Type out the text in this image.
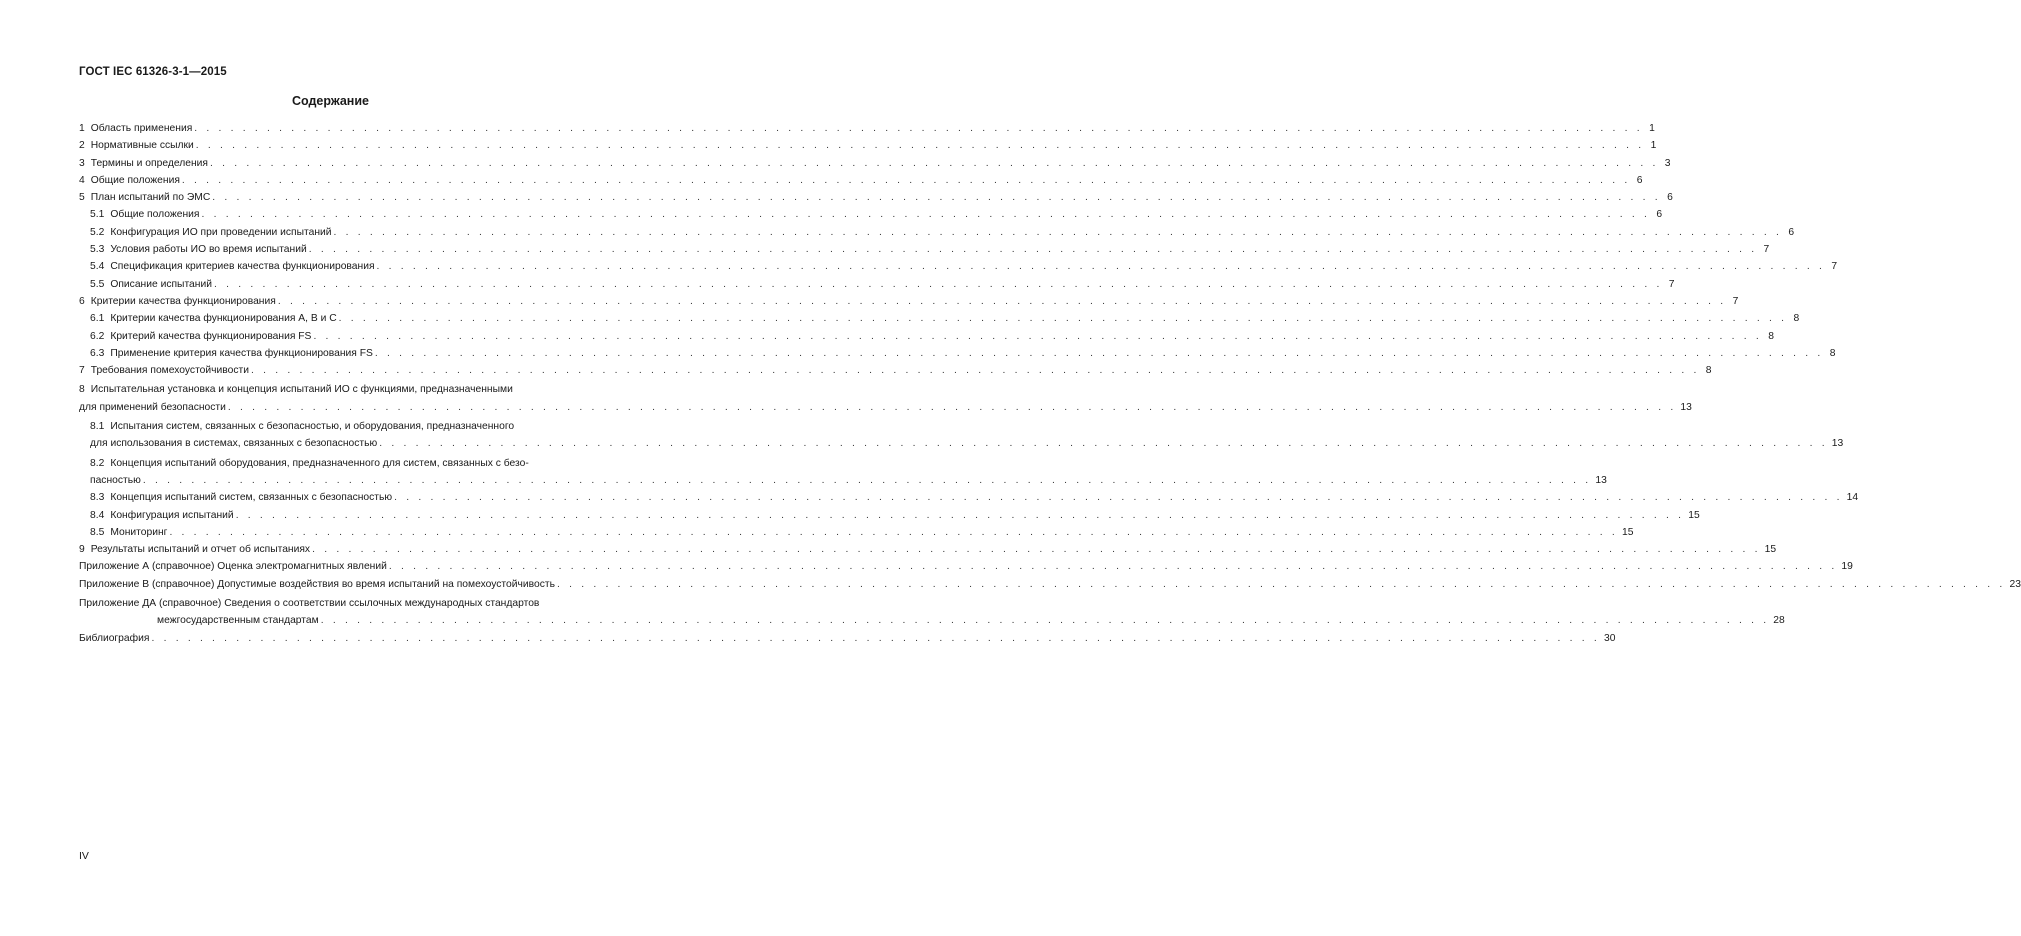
ГОСТ IEC 61326-3-1—2015
Содержание
1 Область применения . . . . . . . . . . . . . . . . . . . . . . . . . . . . . . . . . . . . . . . . . . . . . . . . . . . . . . . . . . . . . . . . . . . . . . . . . . . . . . . . . . . . . . . . . . . . . . . . . . . . . . . . . . . . . . . . . . . . . . . . 1
2 Нормативные ссылки . . . . . . . . . . . . . . . . . . . . . . . . . . . . . . . . . . . . . . . . . . . . . . . . . . . . . . . . . . . . . . . . . . . . . . . . . . . . . . . . . . . . . . . . . . . . . . . . . . . . . . . . . . . . . . . . . . . . . . . . 1
3 Термины и определения . . . . . . . . . . . . . . . . . . . . . . . . . . . . . . . . . . . . . . . . . . . . . . . . . . . . . . . . . . . . . . . . . . . . . . . . . . . . . . . . . . . . . . . . . . . . . . . . . . . . . . . . . . . . . . . . . . . . . . . . 3
4 Общие положения . . . . . . . . . . . . . . . . . . . . . . . . . . . . . . . . . . . . . . . . . . . . . . . . . . . . . . . . . . . . . . . . . . . . . . . . . . . . . . . . . . . . . . . . . . . . . . . . . . . . . . . . . . . . . . . . . . . . . . . . 6
5 План испытаний по ЭМС . . . . . . . . . . . . . . . . . . . . . . . . . . . . . . . . . . . . . . . . . . . . . . . . . . . . . . . . . . . . . . . . . . . . . . . . . . . . . . . . . . . . . . . . . . . . . . . . . . . . . . . . . . . . . . . . . . . . . . . . 6
5.1 Общие положения . . . . . . . . . . . . . . . . . . . . . . . . . . . . . . . . . . . . . . . . . . . . . . . . . . . . . . . . . . . . . . . . . . . . . . . . . . . . . . . . . . . . . . . . . . . . . . . . . . . . . . . . . . . . . . . . . . . . . . . . 6
5.2 Конфигурация ИО при проведении испытаний . . . . . . . . . . . . . . . . . . . . . . . . . . . . . . . . . . . . . . . . . . . . . . . . . . . . . . . . . . . . . . . . . . . . . . . . . . . . . . . . . . . . . . . . . . . . . . . . . . . . . . . . . . . . . . . . . . . . . . . . 6
5.3 Условия работы ИО во время испытаний . . . . . . . . . . . . . . . . . . . . . . . . . . . . . . . . . . . . . . . . . . . . . . . . . . . . . . . . . . . . . . . . . . . . . . . . . . . . . . . . . . . . . . . . . . . . . . . . . . . . . . . . . . . . . . . . . . . . . . . . 7
5.4 Спецификация критериев качества функционирования . . . . . . . . . . . . . . . . . . . . . . . . . . . . . . . . . . . . . . . . . . . . . . . . . . . . . . . . . . . . . . . . . . . . . . . . . . . . . . . . . . . . . . . . . . . . . . . . . . . . . . . . . . . . . . . . . . . . . . . . 7
5.5 Описание испытаний . . . . . . . . . . . . . . . . . . . . . . . . . . . . . . . . . . . . . . . . . . . . . . . . . . . . . . . . . . . . . . . . . . . . . . . . . . . . . . . . . . . . . . . . . . . . . . . . . . . . . . . . . . . . . . . . . . . . . . . . 7
6 Критерии качества функционирования . . . . . . . . . . . . . . . . . . . . . . . . . . . . . . . . . . . . . . . . . . . . . . . . . . . . . . . . . . . . . . . . . . . . . . . . . . . . . . . . . . . . . . . . . . . . . . . . . . . . . . . . . . . . . . . . . . . . . . . . 7
6.1 Критерии качества функционирования А, В и С . . . . . . . . . . . . . . . . . . . . . . . . . . . . . . . . . . . . . . . . . . . . . . . . . . . . . . . . . . . . . . . . . . . . . . . . . . . . . . . . . . . . . . . . . . . . . . . . . . . . . . . . . . . . . . . . . . . . . . . . 8
6.2 Критерий качества функционирования FS . . . . . . . . . . . . . . . . . . . . . . . . . . . . . . . . . . . . . . . . . . . . . . . . . . . . . . . . . . . . . . . . . . . . . . . . . . . . . . . . . . . . . . . . . . . . . . . . . . . . . . . . . . . . . . . . . . . . . . . . 8
6.3 Применение критерия качества функционирования FS . . . . . . . . . . . . . . . . . . . . . . . . . . . . . . . . . . . . . . . . . . . . . . . . . . . . . . . . . . . . . . . . . . . . . . . . . . . . . . . . . . . . . . . . . . . . . . . . . . . . . . . . . . . . . . . . . . . . . . . . 8
7 Требования помехоустойчивости . . . . . . . . . . . . . . . . . . . . . . . . . . . . . . . . . . . . . . . . . . . . . . . . . . . . . . . . . . . . . . . . . . . . . . . . . . . . . . . . . . . . . . . . . . . . . . . . . . . . . . . . . . . . . . . . . . . . . . . . 8
8 Испытательная установка и концепция испытаний ИО с функциями, предназначенными
для применений безопасности . . . . . . . . . . . . . . . . . . . . . . . . . . . . . . . . . . . . . . . . . . . . . . . . . . . . . . . . . . . . . . . . . . . . . . . . . . . . . . . . . . . . . . . . . . . . . . . . . . . . . . . . . . . . . . . . . . . . . . . . 13
8.1 Испытания систем, связанных с безопасностью, и оборудования, предназначенного
для использования в системах, связанных с безопасностью . . . . . . . . . . . . . . . . . . . . . . . . . . . . . . . . . . . . . . . . . . . . . . . . . . . . . . . . . . . . . . . . . . . . . . . . . . . . . . . . . . . . . . . . . . . . . . . . . . . . . . . . . . . . . . . . . . . . . . . . 13
8.2 Концепция испытаний оборудования, предназначенного для систем, связанных с безо-
пасностью . . . . . . . . . . . . . . . . . . . . . . . . . . . . . . . . . . . . . . . . . . . . . . . . . . . . . . . . . . . . . . . . . . . . . . . . . . . . . . . . . . . . . . . . . . . . . . . . . . . . . . . . . . . . . . . . . . . . . . . . 13
8.3 Концепция испытаний систем, связанных с безопасностью . . . . . . . . . . . . . . . . . . . . . . . . . . . . . . . . . . . . . . . . . . . . . . . . . . . . . . . . . . . . . . . . . . . . . . . . . . . . . . . . . . . . . . . . . . . . . . . . . . . . . . . . . . . . . . . . . . . . . . . . 14
8.4 Конфигурация испытаний . . . . . . . . . . . . . . . . . . . . . . . . . . . . . . . . . . . . . . . . . . . . . . . . . . . . . . . . . . . . . . . . . . . . . . . . . . . . . . . . . . . . . . . . . . . . . . . . . . . . . . . . . . . . . . . . . . . . . . . . 15
8.5 Мониторинг . . . . . . . . . . . . . . . . . . . . . . . . . . . . . . . . . . . . . . . . . . . . . . . . . . . . . . . . . . . . . . . . . . . . . . . . . . . . . . . . . . . . . . . . . . . . . . . . . . . . . . . . . . . . . . . . . . . . . . . . 15
9 Результаты испытаний и отчет об испытаниях . . . . . . . . . . . . . . . . . . . . . . . . . . . . . . . . . . . . . . . . . . . . . . . . . . . . . . . . . . . . . . . . . . . . . . . . . . . . . . . . . . . . . . . . . . . . . . . . . . . . . . . . . . . . . . . . . . . . . . . . 15
Приложение А (справочное) Оценка электромагнитных явлений . . . . . . . . . . . . . . . . . . . . . . . . . . . . . . . . . . . . . . . . . . . . . . . . . . . . . . . . . . . . . . . . . . . . . . . . . . . . . . . . . . . . . . . . . . . . . . . . . . . . . . . . . . . . . . . . . . . . . . . . 19
Приложение В (справочное) Допустимые воздействия во время испытаний на помехоустойчивость . . . . . . . . . . . . . . . . . . . . . . . . . . . . . . . . . . . . . . . . . . . . . . . . . . . . . . . . . . . . . . . . . . . . . . . . . . . . . . . . . . . . . . . . . . . . . . . . . . . . . . . . . . . . . . . . . . . . . . . . 23
Приложение ДА (справочное) Сведения о соответствии ссылочных международных стандартов
межгосударственным стандартам . . . . . . . . . . . . . . . . . . . . . . . . . . . . . . . . . . . . . . . . . . . . . . . . . . . . . . . . . . . . . . . . . . . . . . . . . . . . . . . . . . . . . . . . . . . . . . . . . . . . . . . . . . . . . . . . . . . . . . . . 28
Библиография . . . . . . . . . . . . . . . . . . . . . . . . . . . . . . . . . . . . . . . . . . . . . . . . . . . . . . . . . . . . . . . . . . . . . . . . . . . . . . . . . . . . . . . . . . . . . . . . . . . . . . . . . . . . . . . . . . . . . . . . 30
IV
